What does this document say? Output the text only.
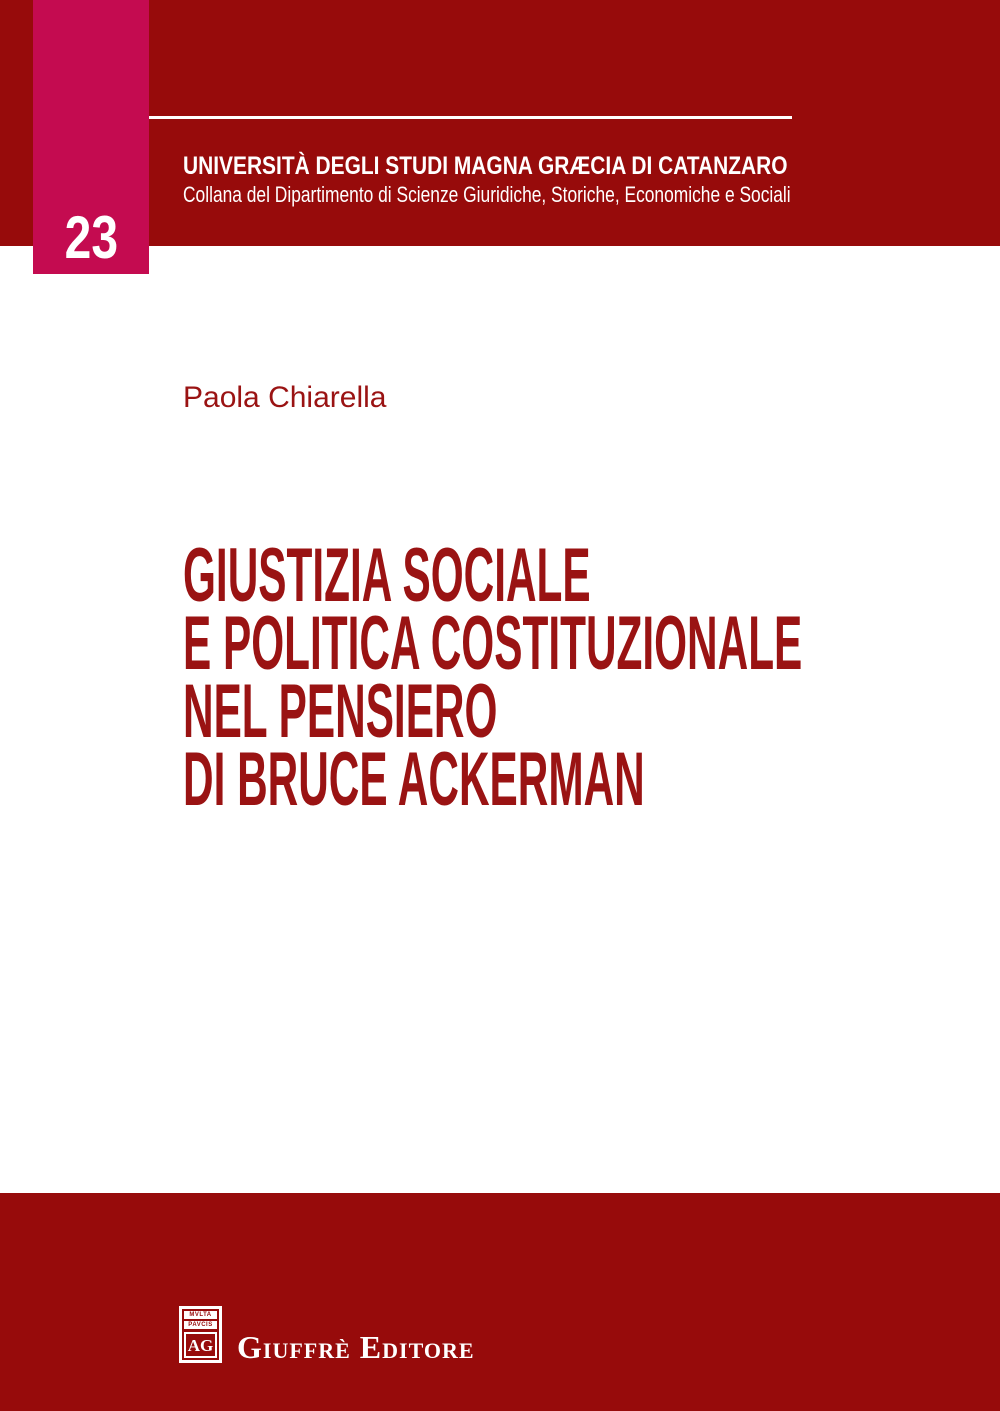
UNIVERSITÀ DEGLI STUDI MAGNA GRÆCIA DI CATANZARO
Collana del Dipartimento di Scienze Giuridiche, Storiche, Economiche e Sociali
23
Paola Chiarella
GIUSTIZIA SOCIALE
E POLITICA COSTITUZIONALE
NEL PENSIERO
DI BRUCE ACKERMAN
MVLTA
PAVCIS
AG Giuffrè Editore
